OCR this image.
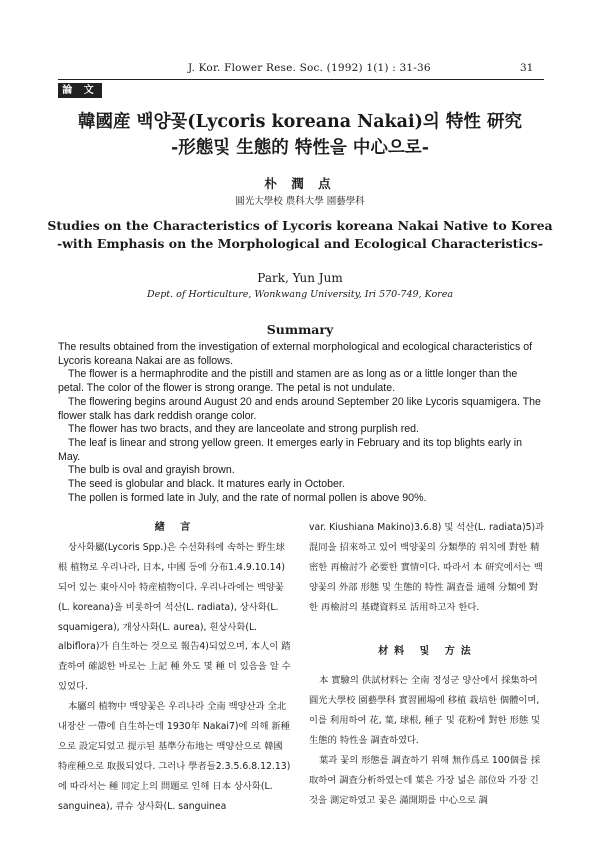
J. Kor. Flower Rese. Soc. (1992) 1(1) : 31-36	31
論 文
韓國産 백양꽃(Lycoris koreana Nakai)의 特性 研究
-形態및 生態的 特性을 中心으로-
朴 潤 点
圓光大學校 農科大學 園藝學科
Studies on the Characteristics of Lycoris koreana Nakai Native to Korea
-with Emphasis on the Morphological and Ecological Characteristics-
Park, Yun Jum
Dept. of Horticulture, Wonkwang University, Iri 570-749, Korea
Summary

The results obtained from the investigation of external morphological and ecological characteristics of Lycoris koreana Nakai are as follows.

The flower is a hermaphrodite and the pistill and stamen are as long as or a little longer than the petal. The color of the flower is strong orange. The petal is not undulate.

The flowering begins around August 20 and ends around September 20 like Lycoris squamigera. The flower stalk has dark reddish orange color.

The flower has two bracts, and they are lanceolate and strong purplish red.

The leaf is linear and strong yellow green. It emerges early in February and its top blights early in May.

The bulb is oval and grayish brown.

The seed is globular and black. It matures early in October.

The pollen is formed late in July, and the rate of normal pollen is above 90%.

緖 言

상사화屬(Lycoris Spp.)은 수선화科에 속하는 野生球根 植物로 우리나라, 日本, 中國 등에 分布1.4.9.10.14)되어 있는 東아시아 特産植物이다. 우리나라에는 백양꽃(L. koreana)을 비롯하여 석산(L. radiata), 상사화(L. squamigera), 개상사화(L. aurea), 흰상사화(L. albiflora)가 自生하는 것으로 報告4)되었으며, 本人이 踏査하여 確認한 바로는 上記 種 外도 몇 種 더 있음을 알 수 있었다.

本屬의 植物中 백양꽃은 우리나라 全南 백양산과 全北 내장산 一帶에 自生하는데 1930年 Nakai7)에 의해 新種으로 設定되었고 提示된 基準分布地는 백양산으로 韓國 特産種으로 取扱되었다. 그러나 學者들2.3.5.6.8.12.13)에 따라서는 種 同定上의 問題로 인해 日本 상사화(L. sanguinea), 큐슈 상사화(L. sanguinea

var. Kiushiana Makino)3.6.8) 및 석산(L. radiata)5)과 混同을 招來하고 있어 백양꽃의 分類學的 위치에 對한 精密한 再檢討가 必要한 實情이다. 따라서 本 研究에서는 백양꽃의 外部 形態 및 生態的 特性 調査를 通해 分類에 對한 再檢討의 基礎資料로 活用하고자 한다.

材料 및 方法

本 實驗의 供試材料는 全南 정성군 양산에서 採集하여 圓光大學校 園藝學科 實習圃場에 移植 栽培한 個體이며, 이를 利用하여 花, 葉, 球根, 種子 및 花粉에 對한 形態 및 生態的 特性을 調査하였다.

葉과 꽃의 形態를 調査하기 위해 無作爲로 100個를 採取하여 調査分析하였는데 葉은 가장 넓은 部位와 가장 긴 것을 測定하였고 꽃은 滿開期를 中心으로 調
